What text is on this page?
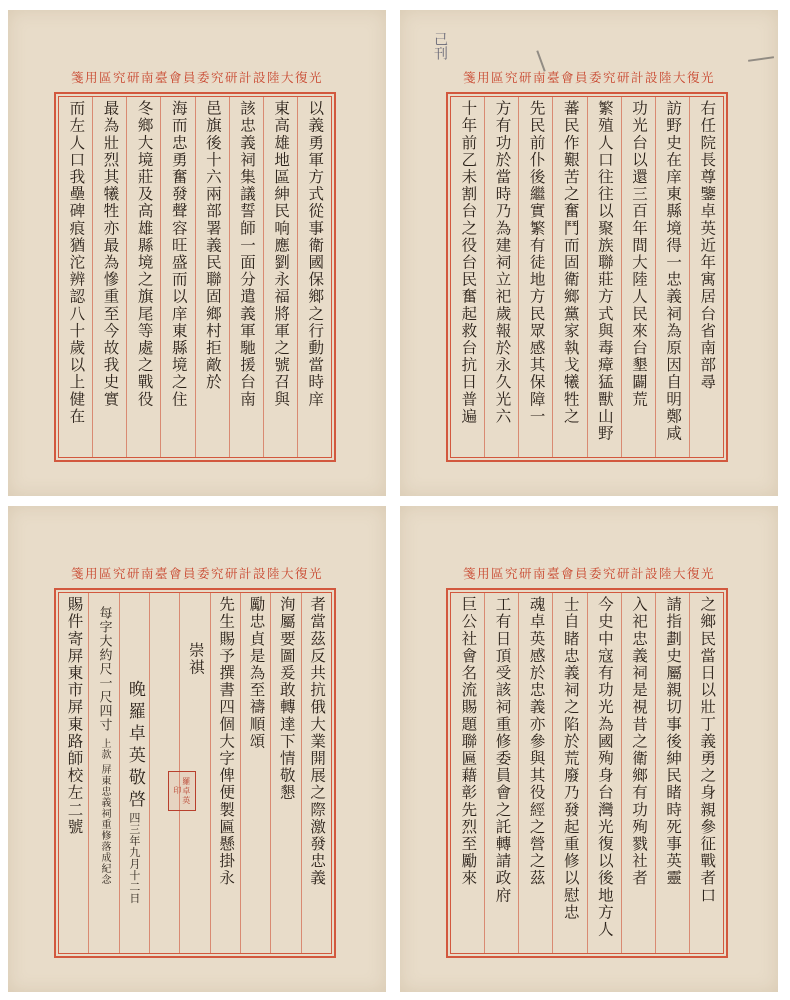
光復大陸設計研究委員會臺南研究區用箋
以義勇軍方式從事衛國保鄉之行動當時庠
東高雄地區紳民响應劉永福將軍之號召與
該忠義祠集議誓師一面分遣義軍馳援台南
邑旗後十六兩部署義民聯固鄉村拒敵於
海而忠勇奮發聲容旺盛而以庠東縣境之住
冬鄉大境莊及高雄縣境之旗尾等處之戰役
最為壯烈其犧牲亦最為慘重至今故我史實
而左人口我壘碑痕猶沱辨認八十歲以上健在
己刊
光復大陸設計研究委員會臺南研究區用箋
右任院長尊鑒卓英近年寓居台省南部尋
訪野史在庠東縣境得一忠義祠為原因自明鄭咸
功光台以還三百年間大陸人民來台墾闢荒
繁殖人口往往以聚族聯莊方式與毒瘴猛獸山野
蕃民作艱苦之奮鬥而固衛鄉黨家執戈犧牲之
先民前仆後繼實繁有徒地方民眾感其保障一
方有功於當時乃為建祠立祀歲報於永久光六
十年前乙未割台之役台民奮起救台抗日普遍
光復大陸設計研究委員會臺南研究區用箋
者當茲反共抗俄大業開展之際激發忠義
洵屬要圖爰敢轉達下情敬懇
勵忠貞是為至禱順頌
先生賜予撰書四個大字俾便製匾懸掛永
崇祺
晚羅卓英敬啓
四三年九月十二日
羅卓英印
每字大約尺一尺四寸
上款 屏東忠義祠重修落成紀念
賜件寄屏東市屏東路師校左二號
光復大陸設計研究委員會臺南研究區用箋
之鄉民當日以壯丁義勇之身親參征戰者口
請指劃史屬親切事後紳民睹時死事英靈
入祀忠義祠是視昔之衛鄉有功殉戮社者
今史中寇有功光為國殉身台灣光復以後地方人
士自睹忠義祠之陷於荒廢乃發起重修以慰忠
魂卓英感於忠義亦參與其役經之營之茲
工有日頂受該祠重修委員會之託轉請政府
巨公社會名流賜題聯匾藉彰先烈至勵來
